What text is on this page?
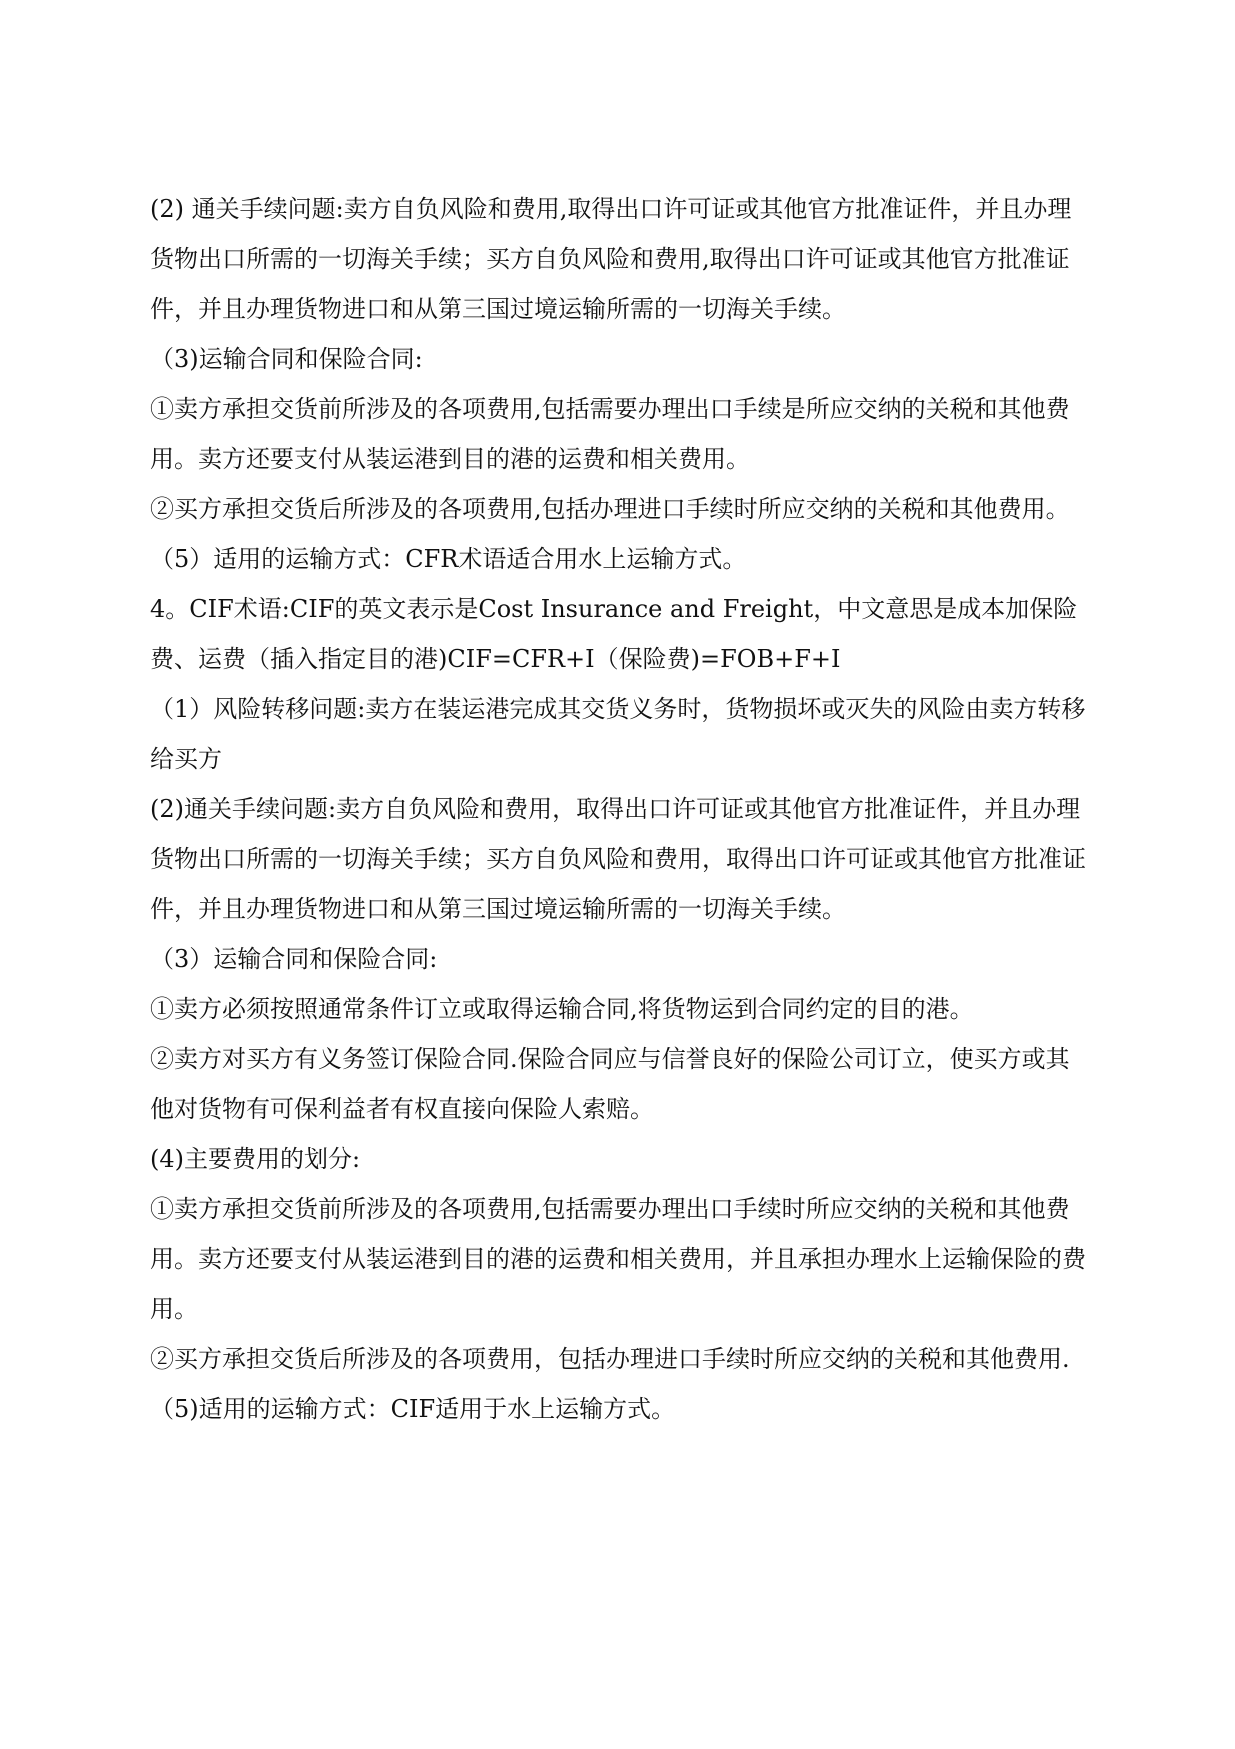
(2) 通关手续问题:卖方自负风险和费用,取得出口许可证或其他官方批准证件，并且办理货物出口所需的一切海关手续；买方自负风险和费用,取得出口许可证或其他官方批准证件，并且办理货物进口和从第三国过境运输所需的一切海关手续。

（3)运输合同和保险合同:

①卖方承担交货前所涉及的各项费用,包括需要办理出口手续是所应交纳的关税和其他费用。卖方还要支付从装运港到目的港的运费和相关费用。

②买方承担交货后所涉及的各项费用,包括办理进口手续时所应交纳的关税和其他费用。

（5）适用的运输方式：CFR术语适合用水上运输方式。

4。CIF术语:CIF的英文表示是Cost Insurance and Freight，中文意思是成本加保险费、运费（插入指定目的港)CIF=CFR+I（保险费)=FOB+F+I

（1）风险转移问题:卖方在装运港完成其交货义务时，货物损坏或灭失的风险由卖方转移给买方

(2)通关手续问题:卖方自负风险和费用，取得出口许可证或其他官方批准证件，并且办理货物出口所需的一切海关手续；买方自负风险和费用，取得出口许可证或其他官方批准证件，并且办理货物进口和从第三国过境运输所需的一切海关手续。

（3）运输合同和保险合同:

①卖方必须按照通常条件订立或取得运输合同,将货物运到合同约定的目的港。

②卖方对买方有义务签订保险合同.保险合同应与信誉良好的保险公司订立，使买方或其他对货物有可保利益者有权直接向保险人索赔。

(4)主要费用的划分:

①卖方承担交货前所涉及的各项费用,包括需要办理出口手续时所应交纳的关税和其他费用。卖方还要支付从装运港到目的港的运费和相关费用，并且承担办理水上运输保险的费用。

②买方承担交货后所涉及的各项费用，包括办理进口手续时所应交纳的关税和其他费用.

（5)适用的运输方式：CIF适用于水上运输方式。
